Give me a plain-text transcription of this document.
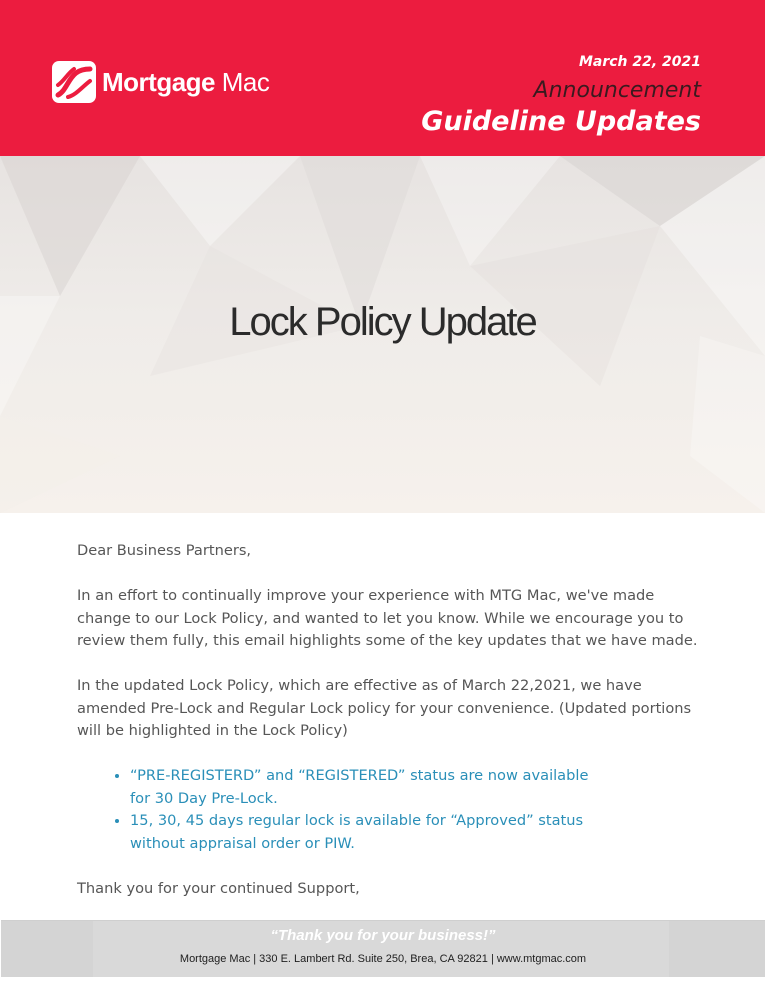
Mortgage Mac
March 22, 2021
Announcement
Guideline Updates
Lock Policy Update

Dear Business Partners,

In an effort to continually improve your experience with MTG Mac, we've made change to our Lock Policy, and wanted to let you know. While we encourage you to review them fully, this email highlights some of the key updates that we have made.

In the updated Lock Policy, which are effective as of March 22,2021, we have amended Pre-Lock and Regular Lock policy for your convenience. (Updated portions will be highlighted in the Lock Policy)

• “PRE-REGISTERD” and “REGISTERED” status are now available for 30 Day Pre-Lock.
• 15, 30, 45 days regular lock is available for “Approved” status without appraisal order or PIW.

Thank you for your continued Support,

“Thank you for your business!”
Mortgage Mac | 330 E. Lambert Rd. Suite 250, Brea, CA 92821 | www.mtgmac.com
